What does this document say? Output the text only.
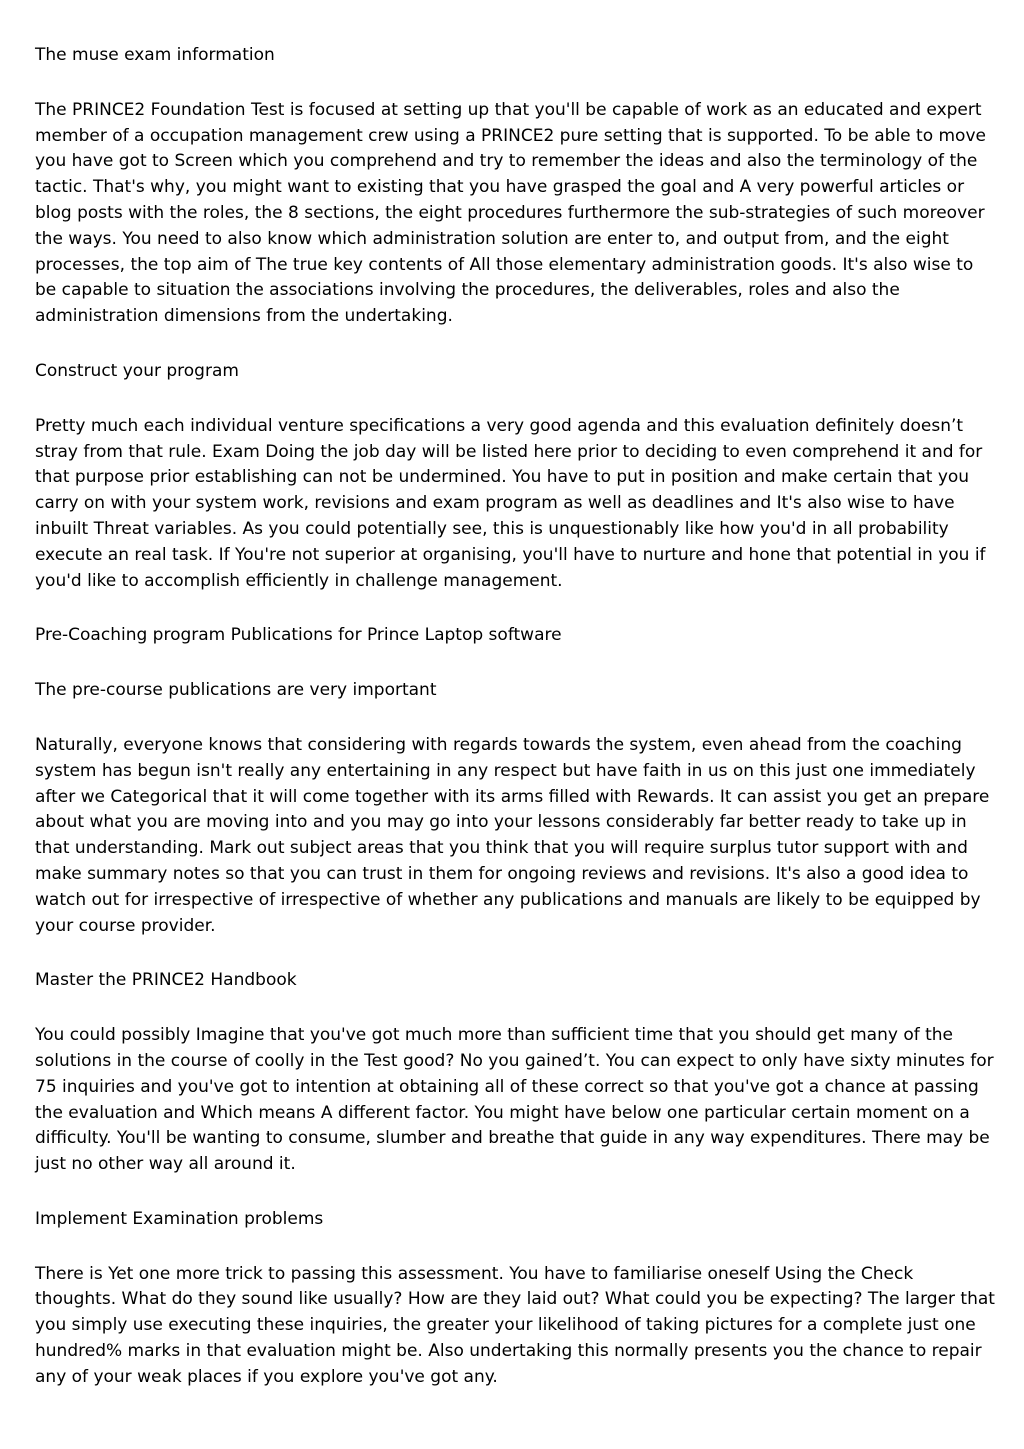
The muse exam information

The PRINCE2 Foundation Test is focused at setting up that you'll be capable of work as an educated and expert member of a occupation management crew using a PRINCE2 pure setting that is supported. To be able to move you have got to Screen which you comprehend and try to remember the ideas and also the terminology of the tactic. That's why, you might want to existing that you have grasped the goal and A very powerful articles or blog posts with the roles, the 8 sections, the eight procedures furthermore the sub-strategies of such moreover the ways. You need to also know which administration solution are enter to, and output from, and the eight processes, the top aim of The true key contents of All those elementary administration goods. It's also wise to be capable to situation the associations involving the procedures, the deliverables, roles and also the administration dimensions from the undertaking.

Construct your program

Pretty much each individual venture specifications a very good agenda and this evaluation definitely doesn’t stray from that rule. Exam Doing the job day will be listed here prior to deciding to even comprehend it and for that purpose prior establishing can not be undermined. You have to put in position and make certain that you carry on with your system work, revisions and exam program as well as deadlines and It's also wise to have inbuilt Threat variables. As you could potentially see, this is unquestionably like how you'd in all probability execute an real task. If You're not superior at organising, you'll have to nurture and hone that potential in you if you'd like to accomplish efficiently in challenge management.

Pre-Coaching program Publications for Prince Laptop software

The pre-course publications are very important

Naturally, everyone knows that considering with regards towards the system, even ahead from the coaching system has begun isn't really any entertaining in any respect but have faith in us on this just one immediately after we Categorical that it will come together with its arms filled with Rewards. It can assist you get an prepare about what you are moving into and you may go into your lessons considerably far better ready to take up in that understanding. Mark out subject areas that you think that you will require surplus tutor support with and make summary notes so that you can trust in them for ongoing reviews and revisions. It's also a good idea to watch out for irrespective of irrespective of whether any publications and manuals are likely to be equipped by your course provider.

Master the PRINCE2 Handbook

You could possibly Imagine that you've got much more than sufficient time that you should get many of the solutions in the course of coolly in the Test good? No you gained’t. You can expect to only have sixty minutes for 75 inquiries and you've got to intention at obtaining all of these correct so that you've got a chance at passing the evaluation and Which means A different factor. You might have below one particular certain moment on a difficulty. You'll be wanting to consume, slumber and breathe that guide in any way expenditures. There may be just no other way all around it.

Implement Examination problems

There is Yet one more trick to passing this assessment. You have to familiarise oneself Using the Check thoughts. What do they sound like usually? How are they laid out? What could you be expecting? The larger that you simply use executing these inquiries, the greater your likelihood of taking pictures for a complete just one hundred% marks in that evaluation might be. Also undertaking this normally presents you the chance to repair any of your weak places if you explore you've got any.
